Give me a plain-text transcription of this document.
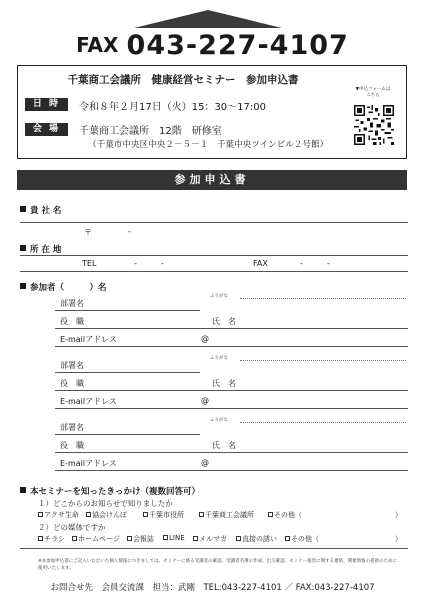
FAX 043-227-4107
千葉商工会議所　健康経営セミナー　参加申込書
日 時	令和８年２月17日（火）15：30～17:00
会 場	千葉商工会議所　12階　研修室
（千葉市中央区中央２－５－１　千葉中央ツインビル２号館）
▼申込フォームは
こちら
参加申込書
貴 社 名
〒	-
所 在 地
TEL	-	-	FAX	-	-
参加者（　　　）名
ふりがな
部署名
役　職	氏　名
E-mailアドレス	@
ふりがな
部署名
役　職	氏　名
E-mailアドレス	@
ふりがな
部署名
役　職	氏　名
E-mailアドレス	@
本セミナーを知ったきっかけ（複数回答可）
１）どこからのお知らせで知りましたか
アクサ生命	協会けんぽ	千葉市役所	千葉商工会議所	その他（	）
２）どの媒体ですか
チラシ	ホームページ	会報誌	LINE	メルマガ	直接の誘い	その他（	）
※本参加申込書にご記入いただいた個人情報につきましては、セミナーに係る受講者の確認、受講者名簿の作成、出欠確認、セミナー運営に関する連絡、関連情報の提供のために使用いたします。
お問合せ先　会員交流課　担当：武剛　TEL:043-227-4101 ／ FAX:043-227-4107
